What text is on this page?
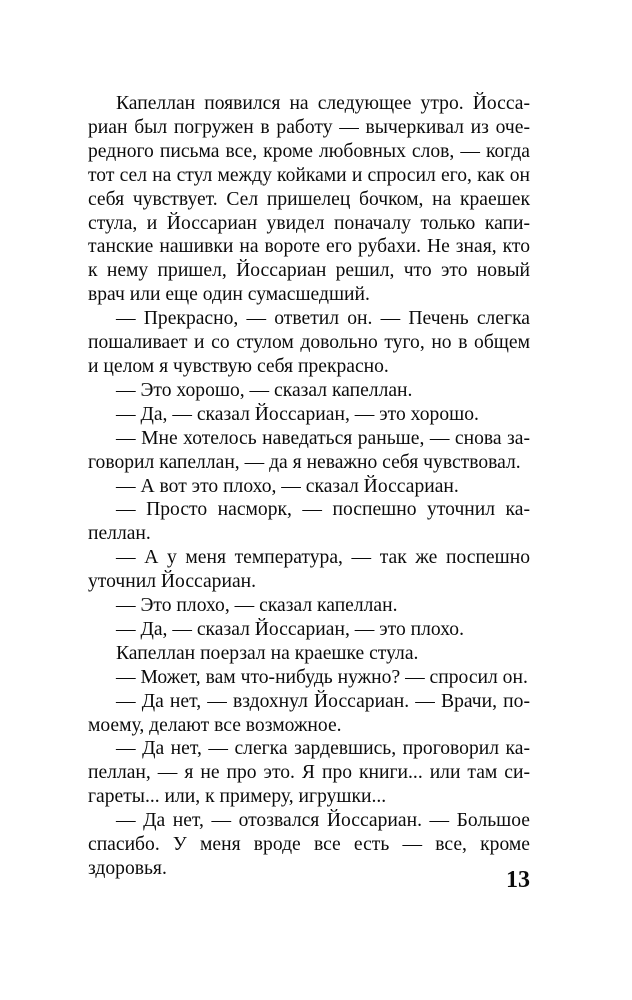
Капеллан появился на следующее утро. Йосса-
риан был погружен в работу — вычеркивал из оче-
редного письма все, кроме любовных слов, — когда
тот сел на стул между койками и спросил его, как он
себя чувствует. Сел пришелец бочком, на краешек
стула, и Йоссариан увидел поначалу только капи-
танские нашивки на вороте его рубахи. Не зная, кто
к нему пришел, Йоссариан решил, что это новый
врач или еще один сумасшедший.

— Прекрасно, — ответил он. — Печень слегка
пошаливает и со стулом довольно туго, но в общем
и целом я чувствую себя прекрасно.

— Это хорошо, — сказал капеллан.

— Да, — сказал Йоссариан, — это хорошо.

— Мне хотелось наведаться раньше, — снова за-
говорил капеллан, — да я неважно себя чувствовал.

— А вот это плохо, — сказал Йоссариан.

— Просто насморк, — поспешно уточнил ка-
пеллан.

— А у меня температура, — так же поспешно
уточнил Йоссариан.

— Это плохо, — сказал капеллан.

— Да, — сказал Йоссариан, — это плохо.

Капеллан поерзал на краешке стула.

— Может, вам что-нибудь нужно? — спросил он.

— Да нет, — вздохнул Йоссариан. — Врачи, по-
моему, делают все возможное.

— Да нет, — слегка зардевшись, проговорил ка-
пеллан, — я не про это. Я про книги... или там си-
гареты... или, к примеру, игрушки...

— Да нет, — отозвался Йоссариан. — Большое
спасибо. У меня вроде все есть — все, кроме
здоровья.	13
